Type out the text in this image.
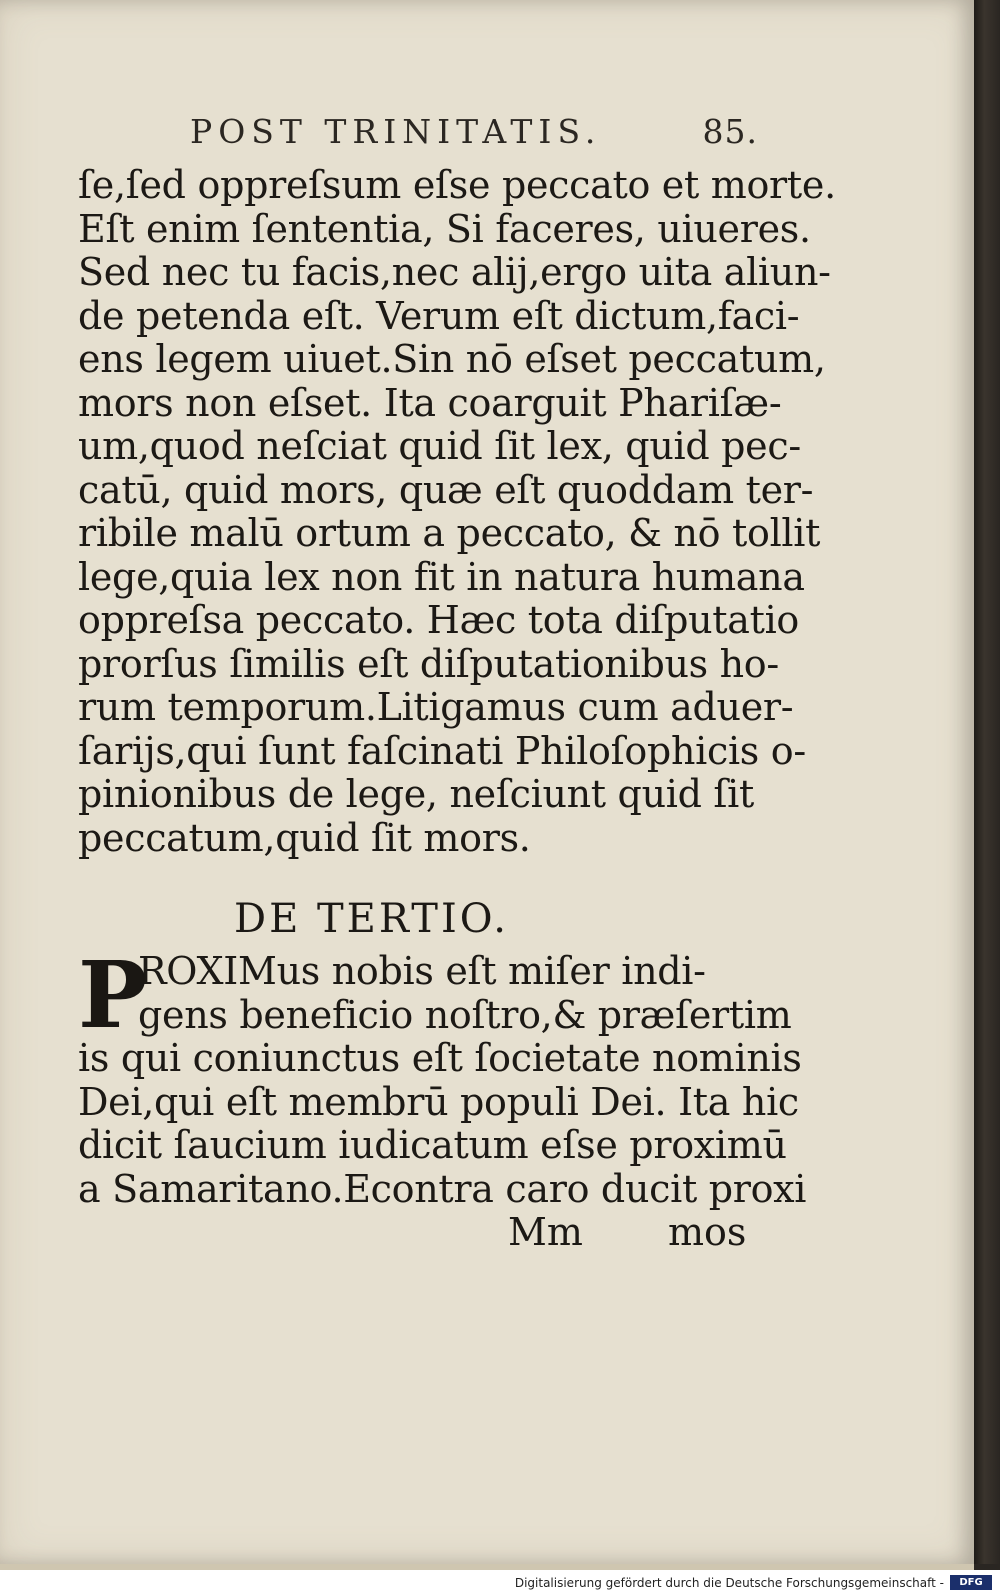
POST TRINITATIS.	85.
ſe,ſed oppreſsum eſse peccato et morte.
Eſt enim ſententia, Si faceres, uiueres.
Sed nec tu facis,nec alij,ergo uita aliun-
de petenda eſt. Verum eſt dictum,faci-
ens legem uiuet.Sin nō eſset peccatum,
mors non eſset. Ita coarguit Phariſæ-
um,quod neſciat quid ſit lex, quid pec-
catū, quid mors, quæ eſt quoddam ter-
ribile malū ortum a peccato, & nō tollit
lege,quia lex non fit in natura humana
oppreſsa peccato. Hæc tota diſputatio
prorſus ſimilis eſt diſputationibus ho-
rum temporum.Litigamus cum aduer-
ſarijs,qui ſunt faſcinati Philoſophicis o-
pinionibus de lege, neſciunt quid ſit
peccatum,quid ſit mors.
DE TERTIO.
P
ROXIMus nobis eſt miſer indi-
gens beneficio noſtro,& præſertim
is qui coniunctus eſt ſocietate nominis
Dei,qui eſt membrū populi Dei. Ita hic
dicit ſaucium iudicatum eſse proximū
a Samaritano.Econtra caro ducit proxi
Mm mos
Digitalisierung gefördert durch die Deutsche Forschungsgemeinschaft -	DFG
